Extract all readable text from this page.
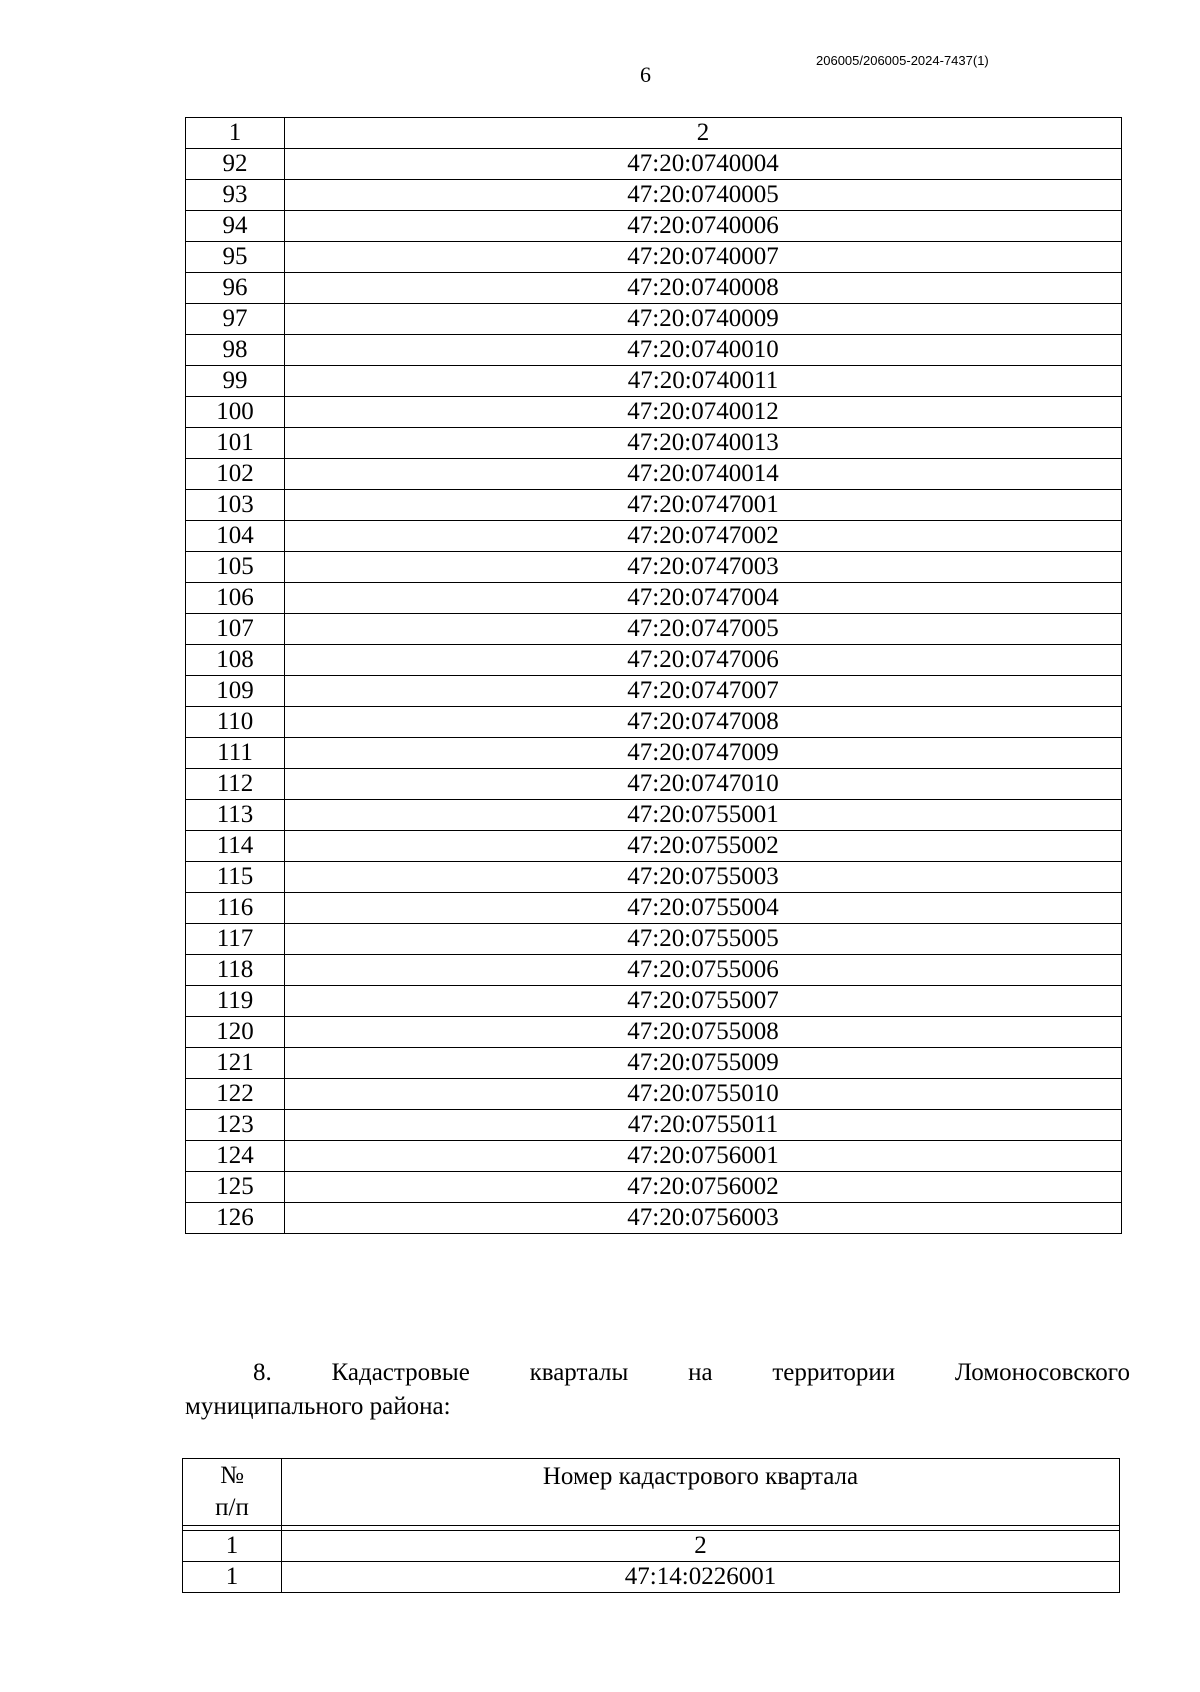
6
206005/206005-2024-7437(1)
1	2
92	47:20:0740004
93	47:20:0740005
94	47:20:0740006
95	47:20:0740007
96	47:20:0740008
97	47:20:0740009
98	47:20:0740010
99	47:20:0740011
100	47:20:0740012
101	47:20:0740013
102	47:20:0740014
103	47:20:0747001
104	47:20:0747002
105	47:20:0747003
106	47:20:0747004
107	47:20:0747005
108	47:20:0747006
109	47:20:0747007
110	47:20:0747008
111	47:20:0747009
112	47:20:0747010
113	47:20:0755001
114	47:20:0755002
115	47:20:0755003
116	47:20:0755004
117	47:20:0755005
118	47:20:0755006
119	47:20:0755007
120	47:20:0755008
121	47:20:0755009
122	47:20:0755010
123	47:20:0755011
124	47:20:0756001
125	47:20:0756002
126	47:20:0756003
8. Кадастровые кварталы на территории Ломоносовского
муниципального района:
№
п/п	Номер кадастрового квартала

1	2
1	47:14:0226001
